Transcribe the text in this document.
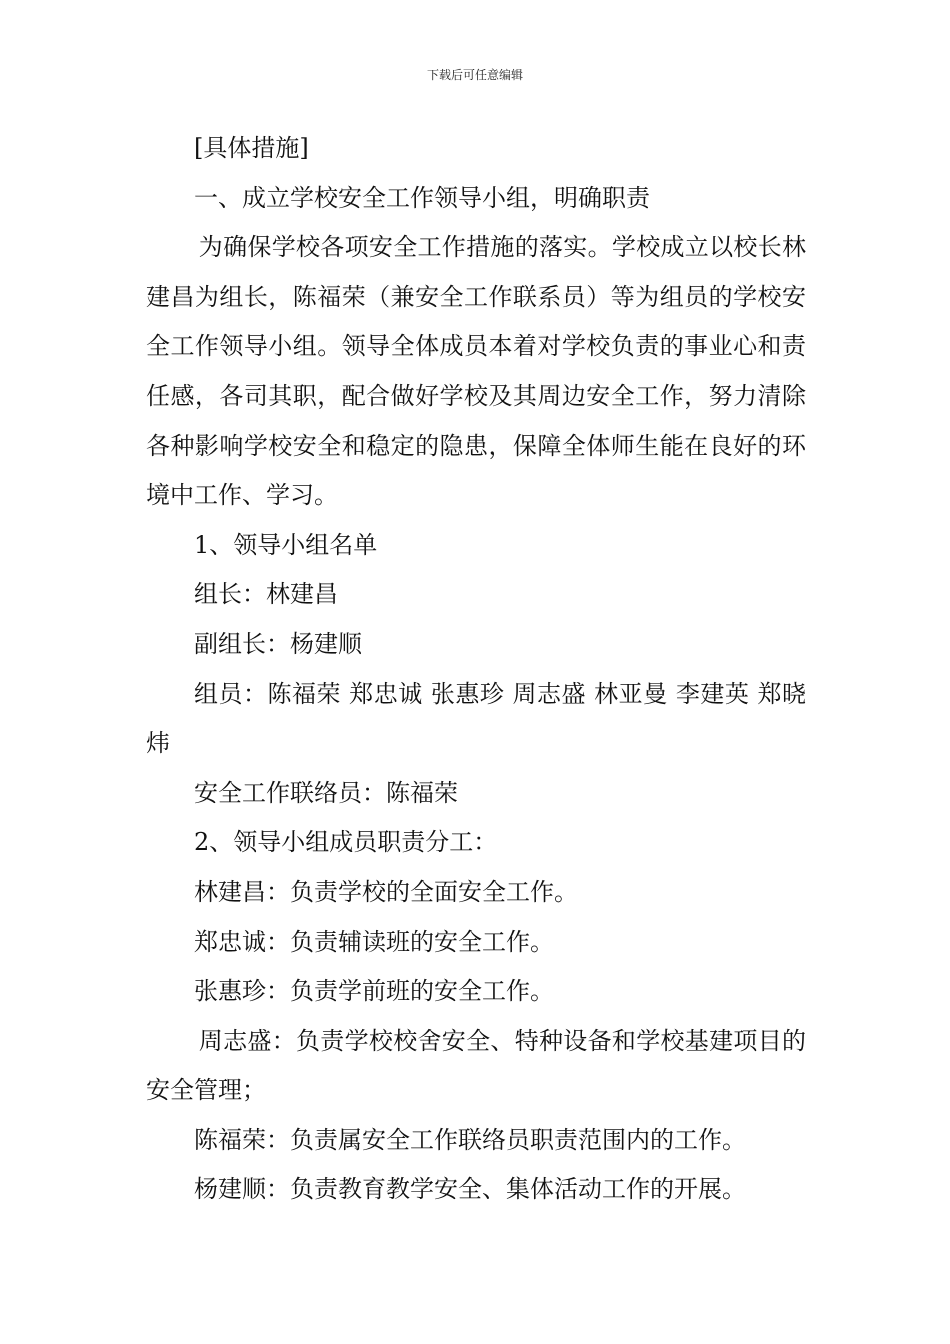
下载后可任意编辑

[具体措施]

一、成立学校安全工作领导小组，明确职责

为确保学校各项安全工作措施的落实。学校成立以校长林建昌为组长，陈福荣（兼安全工作联系员）等为组员的学校安全工作领导小组。领导全体成员本着对学校负责的事业心和责任感，各司其职，配合做好学校及其周边安全工作，努力清除各种影响学校安全和稳定的隐患，保障全体师生能在良好的环境中工作、学习。

1、领导小组名单

组长：林建昌

副组长：杨建顺

组员：陈福荣 郑忠诚 张惠珍 周志盛 林亚曼 李建英 郑晓炜

安全工作联络员：陈福荣

2、领导小组成员职责分工：

林建昌：负责学校的全面安全工作。

郑忠诚：负责辅读班的安全工作。

张惠珍：负责学前班的安全工作。

周志盛：负责学校校舍安全、特种设备和学校基建项目的安全管理；

陈福荣：负责属安全工作联络员职责范围内的工作。

杨建顺：负责教育教学安全、集体活动工作的开展。
